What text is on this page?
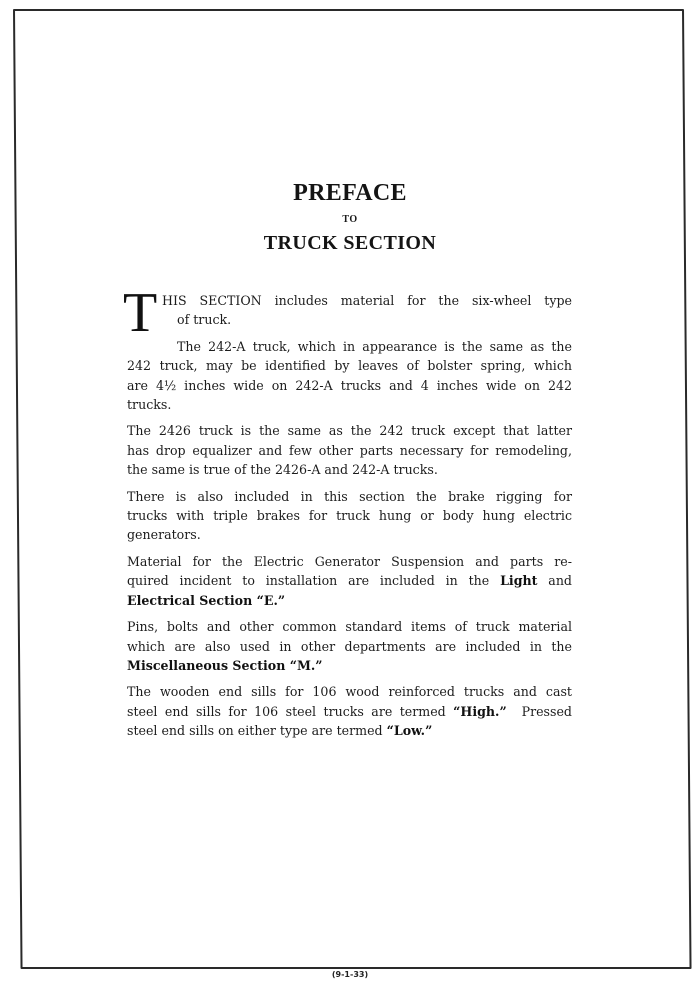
PREFACE
TO
TRUCK SECTION

T HIS SECTION includes material for the six-wheel type
of truck.

The 242-A truck, which in appearance is the same as the
242 truck, may be identified by leaves of bolster spring, which
are 4½ inches wide on 242-A trucks and 4 inches wide on 242
trucks.

The 2426 truck is the same as the 242 truck except that latter
has drop equalizer and few other parts necessary for remodeling,
the same is true of the 2426-A and 242-A trucks.

There is also included in this section the brake rigging for
trucks with triple brakes for truck hung or body hung electric
generators.

Material for the Electric Generator Suspension and parts re-
quired incident to installation are included in the Light and
Electrical Section “E.”

Pins, bolts and other common standard items of truck material
which are also used in other departments are included in the
Miscellaneous Section “M.”

The wooden end sills for 106 wood reinforced trucks and cast
steel end sills for 106 steel trucks are termed “High.”  Pressed
steel end sills on either type are termed “Low.”

(9-1-33)
